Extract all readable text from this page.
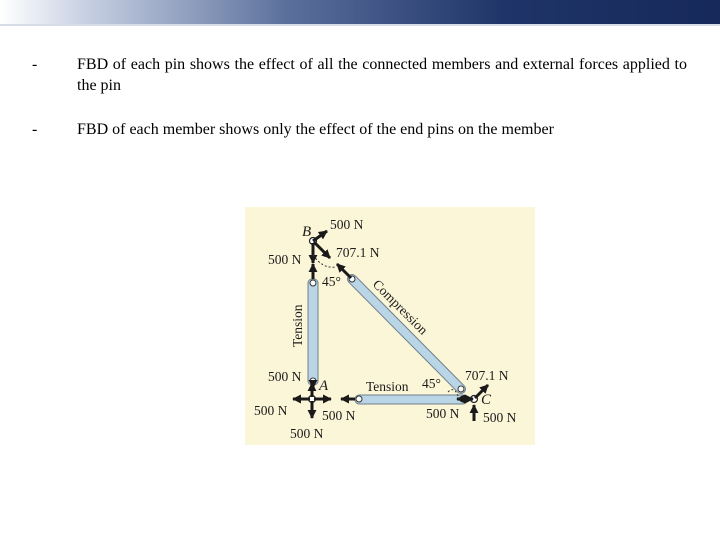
- FBD of each pin shows the effect of all the connected members and external forces applied to the pin
- FBD of each member shows only the effect of the end pins on the member
B 500 N
707.1 N
500 N
45°
Tension	Compression
Tension
500 N
A
500 N	500 N
500 N
45°
707.1 N
C
500 N 500 N
